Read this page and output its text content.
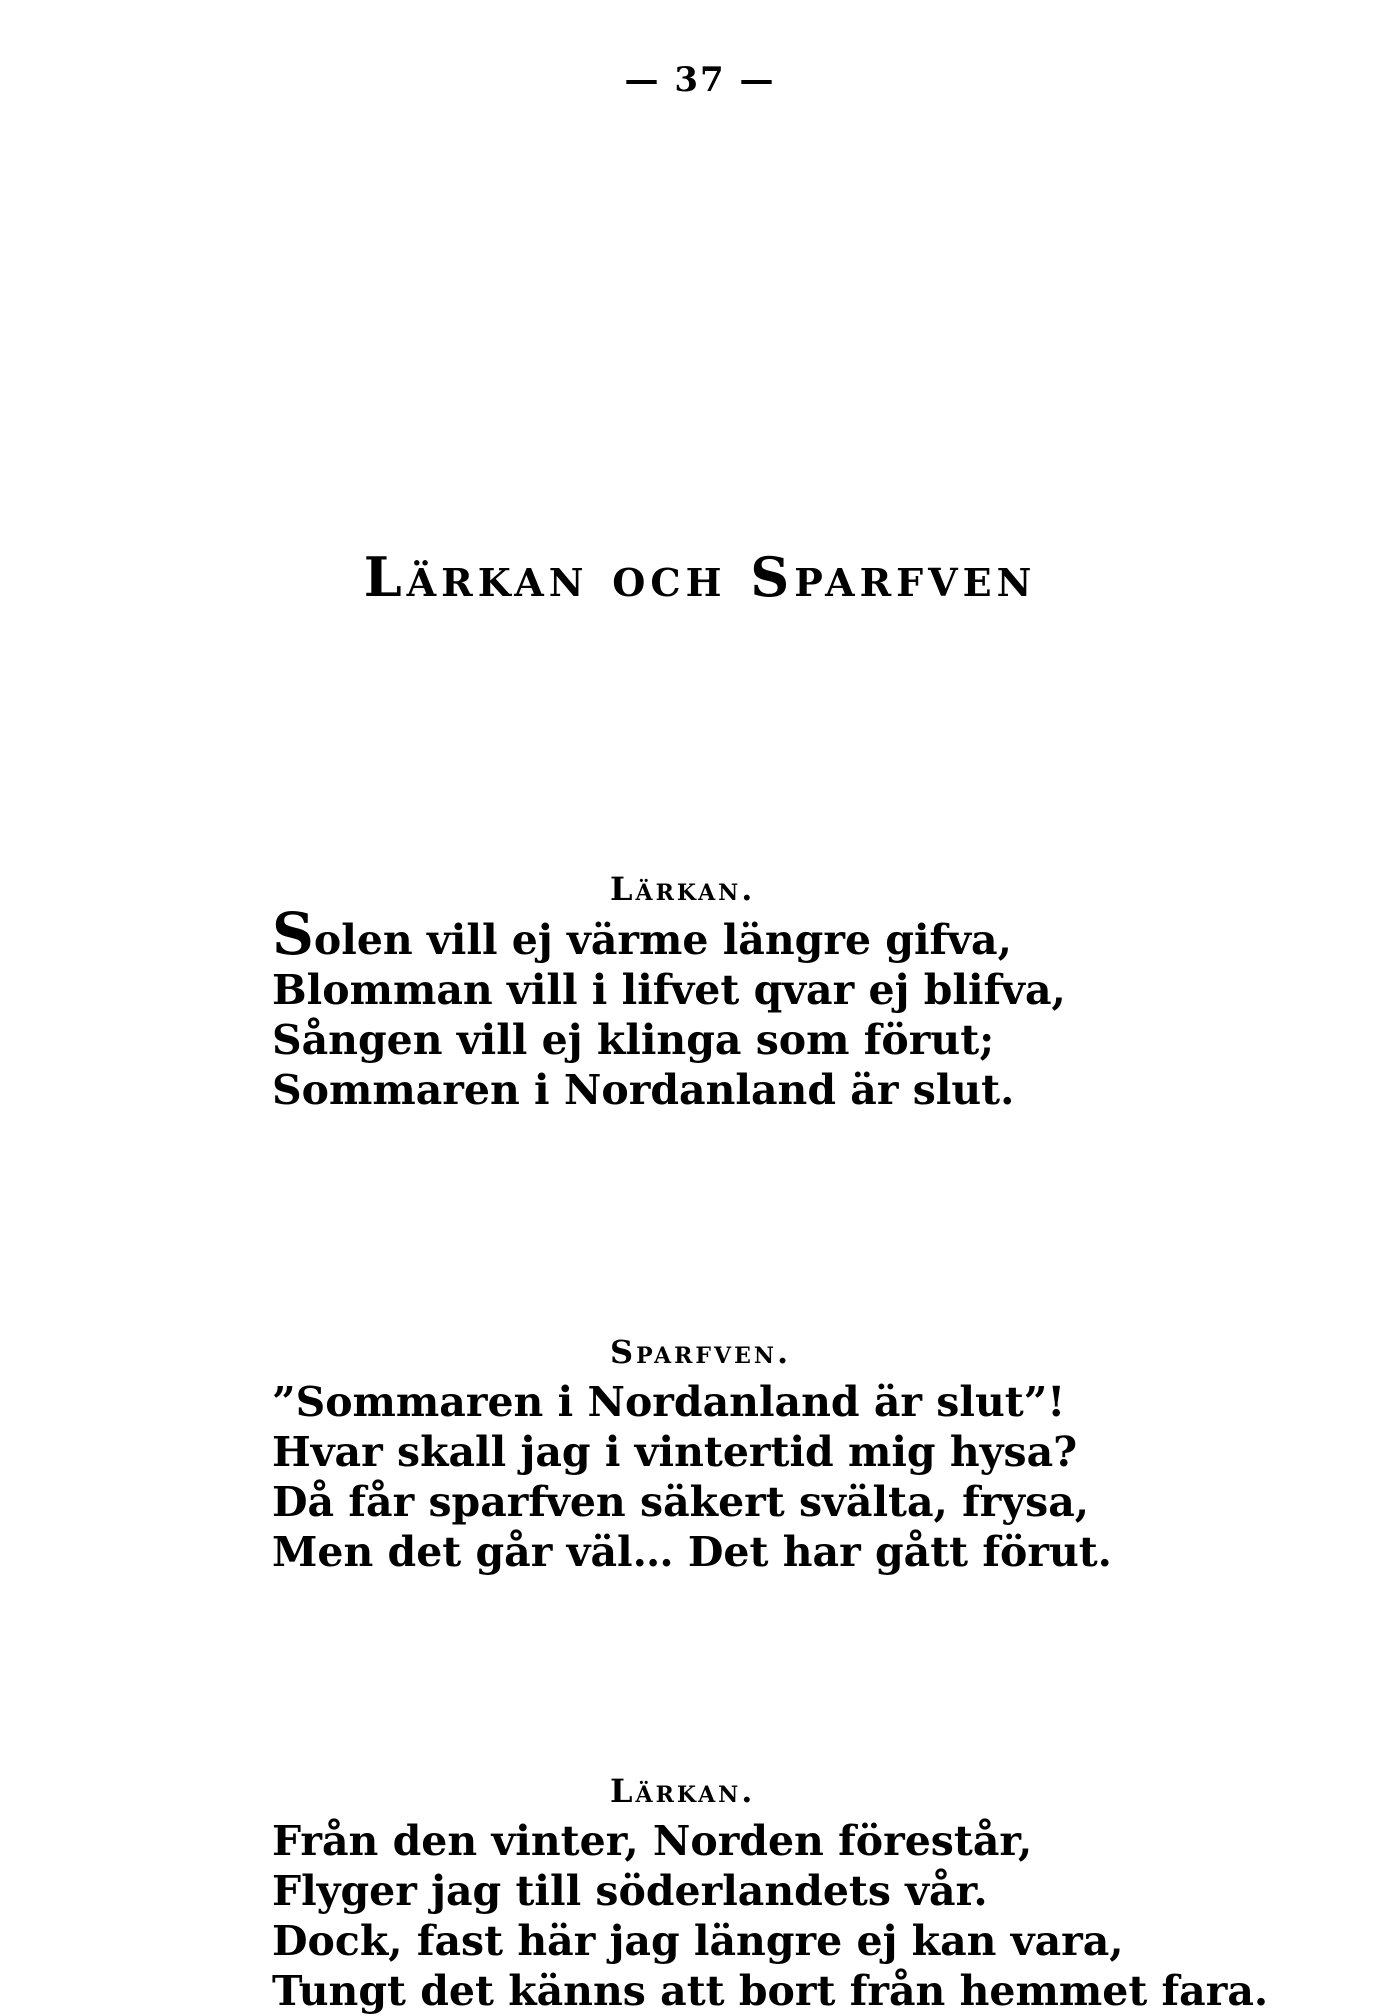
— 37 —
Lärkan och Sparfven
Lärkan.
Solen vill ej värme längre gifva,
Blomman vill i lifvet qvar ej blifva,
Sången vill ej klinga som förut;
Sommaren i Nordanland är slut.
Sparfven.
”Sommaren i Nordanland är slut”!
Hvar skall jag i vintertid mig hysa?
Då får sparfven säkert svälta, frysa,
Men det går väl… Det har gått förut.
Lärkan.
Från den vinter, Norden förestår,
Flyger jag till söderlandets vår.
Dock, fast här jag längre ej kan vara,
Tungt det känns att bort från hemmet fara.
